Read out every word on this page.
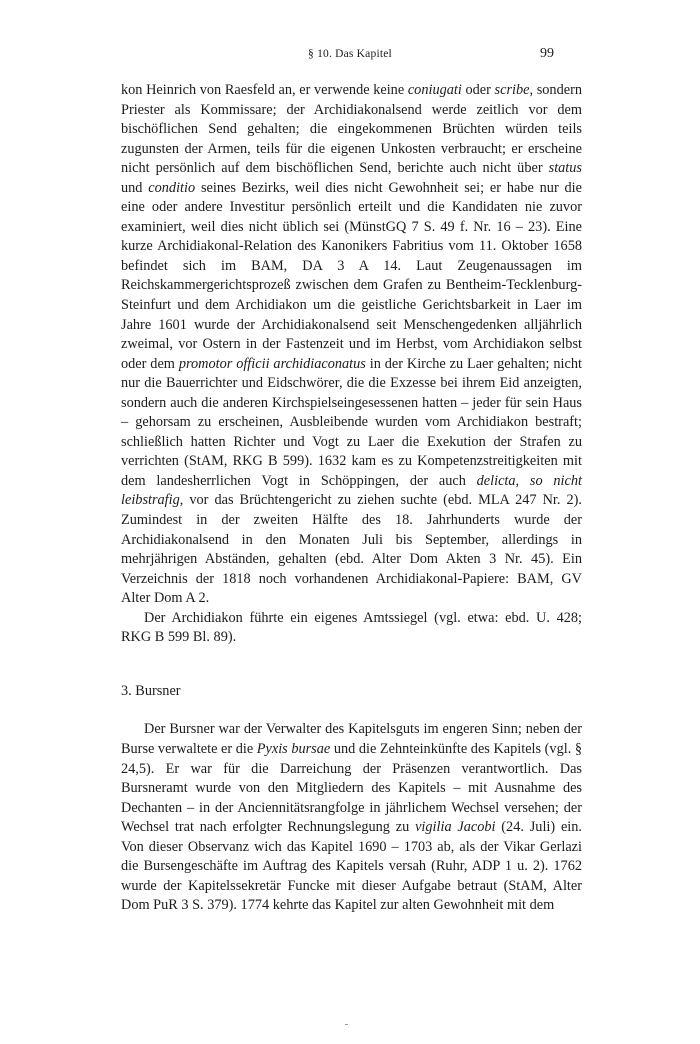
§ 10. Das Kapitel	99

kon Heinrich von Raesfeld an, er verwende keine coniugati oder scribe, sondern Priester als Kommissare; der Archidiakonalsend werde zeitlich vor dem bischöflichen Send gehalten; die eingekommenen Brüchten würden teils zugunsten der Armen, teils für die eigenen Unkosten verbraucht; er erscheine nicht persönlich auf dem bischöflichen Send, berichte auch nicht über status und conditio seines Bezirks, weil dies nicht Gewohnheit sei; er habe nur die eine oder andere Investitur persönlich erteilt und die Kandidaten nie zuvor examiniert, weil dies nicht üblich sei (MünstGQ 7 S. 49 f. Nr. 16 – 23). Eine kurze Archidiakonal-Relation des Kanonikers Fabritius vom 11. Oktober 1658 befindet sich im BAM, DA 3 A 14. Laut Zeugenaussagen im Reichskammergerichtsprozeß zwischen dem Grafen zu Bentheim-Tecklenburg-Steinfurt und dem Archidiakon um die geistliche Gerichtsbarkeit in Laer im Jahre 1601 wurde der Archidiakonalsend seit Menschengedenken alljährlich zweimal, vor Ostern in der Fastenzeit und im Herbst, vom Archidiakon selbst oder dem promotor officii archidiaconatus in der Kirche zu Laer gehalten; nicht nur die Bauerrichter und Eidschwörer, die die Exzesse bei ihrem Eid anzeigten, sondern auch die anderen Kirchspielseingesessenen hatten – jeder für sein Haus – gehorsam zu erscheinen, Ausbleibende wurden vom Archidiakon bestraft; schließlich hatten Richter und Vogt zu Laer die Exekution der Strafen zu verrichten (StAM, RKG B 599). 1632 kam es zu Kompetenzstreitigkeiten mit dem landesherrlichen Vogt in Schöppingen, der auch delicta, so nicht leibstrafig, vor das Brüchtengericht zu ziehen suchte (ebd. MLA 247 Nr. 2). Zumindest in der zweiten Hälfte des 18. Jahrhunderts wurde der Archidiakonalsend in den Monaten Juli bis September, allerdings in mehrjährigen Abständen, gehalten (ebd. Alter Dom Akten 3 Nr. 45). Ein Verzeichnis der 1818 noch vorhandenen Archidiakonal-Papiere: BAM, GV Alter Dom A 2.

Der Archidiakon führte ein eigenes Amtssiegel (vgl. etwa: ebd. U. 428; RKG B 599 Bl. 89).

3. Bursner

Der Bursner war der Verwalter des Kapitelsguts im engeren Sinn; neben der Burse verwaltete er die Pyxis bursae und die Zehnteinkünfte des Kapitels (vgl. § 24,5). Er war für die Darreichung der Präsenzen verantwortlich. Das Bursneramt wurde von den Mitgliedern des Kapitels – mit Ausnahme des Dechanten – in der Anciennitätsrangfolge in jährlichem Wechsel versehen; der Wechsel trat nach erfolgter Rechnungslegung zu vigilia Jacobi (24. Juli) ein. Von dieser Observanz wich das Kapitel 1690 – 1703 ab, als der Vikar Gerlazi die Bursengeschäfte im Auftrag des Kapitels versah (Ruhr, ADP 1 u. 2). 1762 wurde der Kapitelssekretär Funcke mit dieser Aufgabe betraut (StAM, Alter Dom PuR 3 S. 379). 1774 kehrte das Kapitel zur alten Gewohnheit mit dem
